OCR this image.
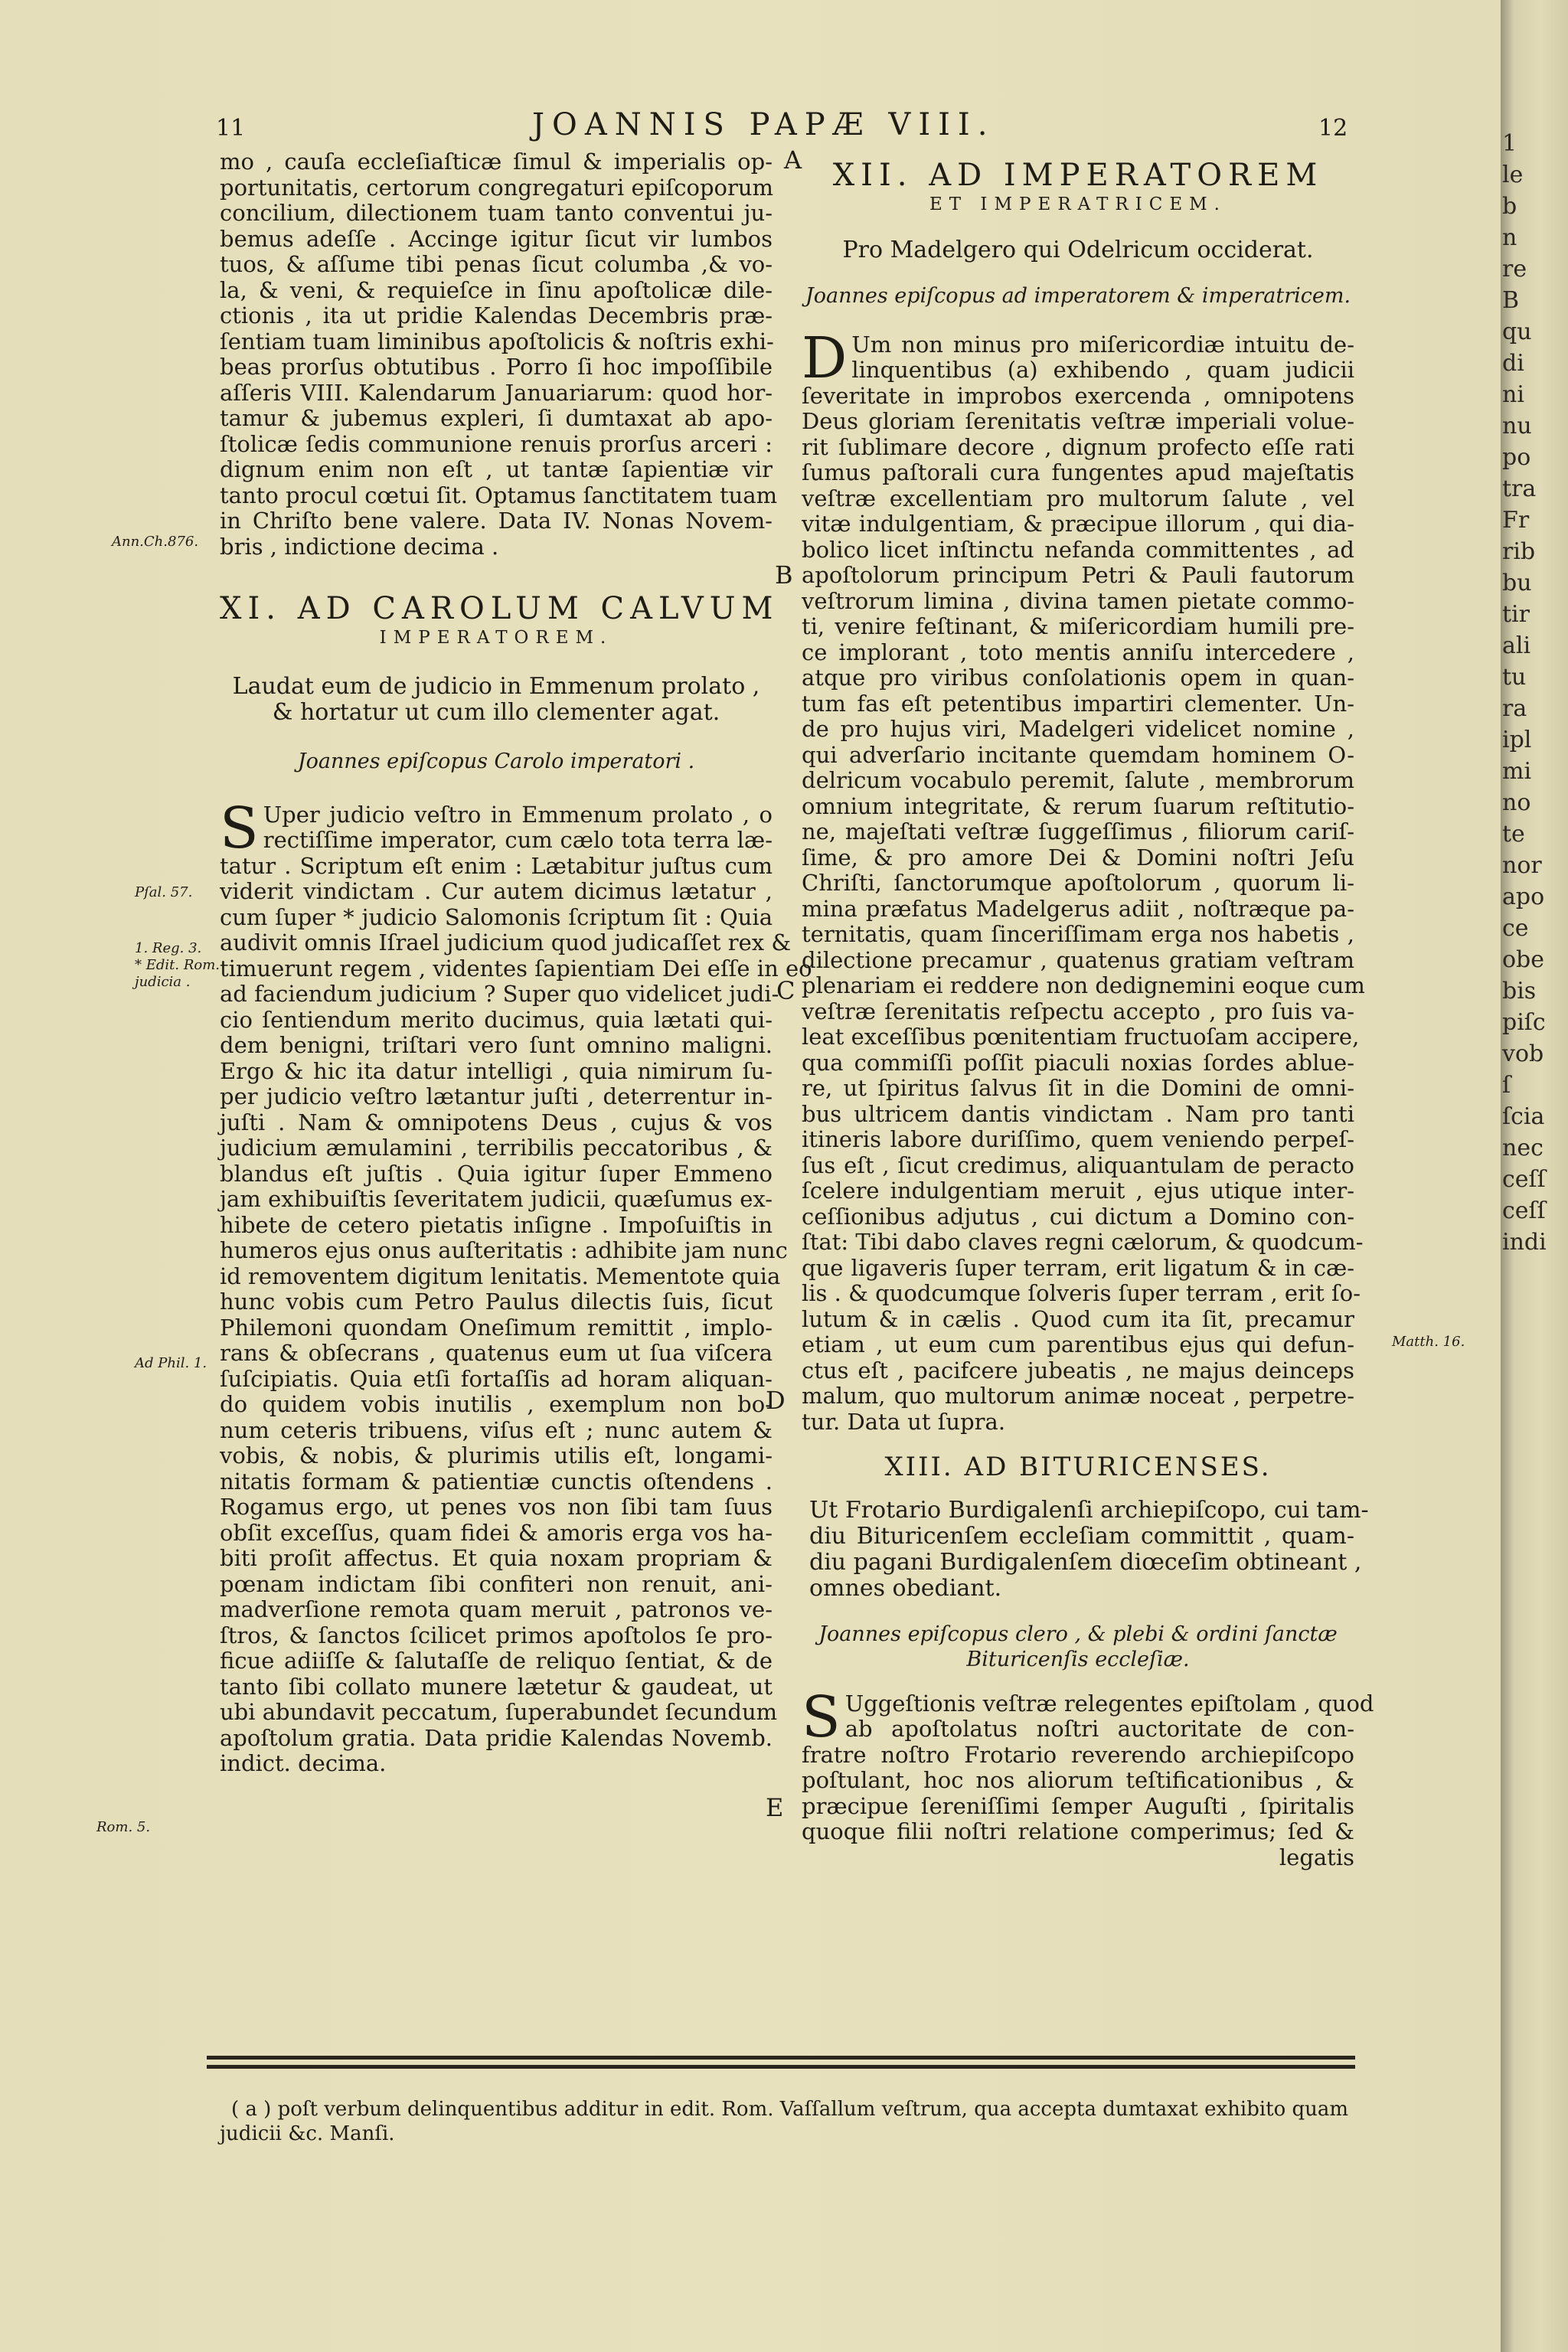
11	JOANNIS PAPÆ VIII.	12
mo , cauſa eccleſiaſticæ ſimul & imperialis op-
portunitatis, certorum congregaturi epiſcoporum
concilium, dilectionem tuam tanto conventui ju-
bemus adeſſe . Accinge igitur ſicut vir lumbos
tuos, & aſſume tibi penas ſicut columba ,& vo-
la, & veni, & requieſce in ſinu apoſtolicæ dile-
ctionis , ita ut pridie Kalendas Decembris præ-
ſentiam tuam liminibus apoſtolicis & noſtris exhi-
beas prorſus obtutibus . Porro ſi hoc impoſſibile
aſſeris VIII. Kalendarum Januariarum: quod hor-
tamur & jubemus expleri, ſi dumtaxat ab apo-
ſtolicæ ſedis communione renuis prorſus arceri :
dignum enim non eſt , ut tantæ ſapientiæ vir
tanto procul cœtui ſit. Optamus ſanctitatem tuam
in Chriſto bene valere. Data IV. Nonas Novem-
bris , indictione decima .
XI. AD CAROLUM CALVUM
IMPERATOREM.
Laudat eum de judicio in Emmenum prolato ,
& hortatur ut cum illo clementer agat.
Joannes epiſcopus Carolo imperatori .
S Uper judicio veſtro in Emmenum prolato , o
rectiſſime imperator, cum cælo tota terra læ-
tatur . Scriptum eſt enim : Lætabitur juſtus cum
viderit vindictam . Cur autem dicimus lætatur ,
cum ſuper * judicio Salomonis ſcriptum ſit : Quia
audivit omnis Iſrael judicium quod judicaſſet rex &
timuerunt regem , videntes ſapientiam Dei eſſe in eo
ad faciendum judicium ? Super quo videlicet judi-
cio ſentiendum merito ducimus, quia lætati qui-
dem benigni, triſtari vero ſunt omnino maligni.
Ergo & hic ita datur intelligi , quia nimirum ſu-
per judicio veſtro lætantur juſti , deterrentur in-
juſti . Nam & omnipotens Deus , cujus & vos
judicium æmulamini , terribilis peccatoribus , &
blandus eſt juſtis . Quia igitur ſuper Emmeno
jam exhibuiſtis ſeveritatem judicii, quæſumus ex-
hibete de cetero pietatis inſigne . Impoſuiſtis in
humeros ejus onus auſteritatis : adhibite jam nunc
id removentem digitum lenitatis. Mementote quia
hunc vobis cum Petro Paulus dilectis ſuis, ſicut
Philemoni quondam Oneſimum remittit , implo-
rans & obſecrans , quatenus eum ut ſua viſcera
ſuſcipiatis. Quia etſi fortaſſis ad horam aliquan-
do quidem vobis inutilis , exemplum non bo-
num ceteris tribuens, viſus eſt ; nunc autem &
vobis, & nobis, & plurimis utilis eſt, longami-
nitatis formam & patientiæ cunctis oſtendens .
Rogamus ergo, ut penes vos non ſibi tam ſuus
obſit exceſſus, quam fidei & amoris erga vos ha-
biti proſit affectus. Et quia noxam propriam &
pœnam indictam ſibi confiteri non renuit, ani-
madverſione remota quam meruit , patronos ve-
ſtros, & ſanctos ſcilicet primos apoſtolos ſe pro-
ficue adiiſſe & ſalutaſſe de reliquo ſentiat, & de
tanto ſibi collato munere lætetur & gaudeat, ut
ubi abundavit peccatum, ſuperabundet ſecundum
apoſtolum gratia. Data pridie Kalendas Novemb.
indict. decima.
Ann.Ch.876.
Pſal. 57.
1. Reg. 3.
* Edit. Rom.
judicia .
Ad Phil. 1.
Rom. 5.
A
B
C
D
E
XII. AD IMPERATOREM
ET IMPERATRICEM.
Pro Madelgero qui Odelricum occiderat.
Joannes epiſcopus ad imperatorem & imperatricem.
D Um non minus pro miſericordiæ intuitu de-
linquentibus (a) exhibendo , quam judicii
ſeveritate in improbos exercenda , omnipotens
Deus gloriam ſerenitatis veſtræ imperiali volue-
rit ſublimare decore , dignum profecto eſſe rati
ſumus paſtorali cura fungentes apud majeſtatis
veſtræ excellentiam pro multorum ſalute , vel
vitæ indulgentiam, & præcipue illorum , qui dia-
bolico licet inſtinctu nefanda committentes , ad
apoſtolorum principum Petri & Pauli fautorum
veſtrorum limina , divina tamen pietate commo-
ti, venire feſtinant, & miſericordiam humili pre-
ce implorant , toto mentis anniſu intercedere ,
atque pro viribus conſolationis opem in quan-
tum fas eſt petentibus impartiri clementer. Un-
de pro hujus viri, Madelgeri videlicet nomine ,
qui adverſario incitante quemdam hominem O-
delricum vocabulo peremit, ſalute , membrorum
omnium integritate, & rerum ſuarum reſtitutio-
ne, majeſtati veſtræ ſuggeſſimus , filiorum cariſ-
ſime, & pro amore Dei & Domini noſtri Jeſu
Chriſti, ſanctorumque apoſtolorum , quorum li-
mina præfatus Madelgerus adiit , noſtræque pa-
ternitatis, quam ſinceriſſimam erga nos habetis ,
dilectione precamur , quatenus gratiam veſtram
plenariam ei reddere non dedignemini eoque cum
veſtræ ſerenitatis reſpectu accepto , pro ſuis va-
leat exceſſibus pœnitentiam fructuoſam accipere,
qua commiſſi poſſit piaculi noxias ſordes ablue-
re, ut ſpiritus ſalvus ſit in die Domini de omni-
bus ultricem dantis vindictam . Nam pro tanti
itineris labore duriſſimo, quem veniendo perpeſ-
ſus eſt , ſicut credimus, aliquantulam de peracto
ſcelere indulgentiam meruit , ejus utique inter-
ceſſionibus adjutus , cui dictum a Domino con-
ſtat: Tibi dabo claves regni cælorum, & quodcum-
que ligaveris ſuper terram, erit ligatum & in cæ-
lis . & quodcumque ſolveris ſuper terram , erit ſo-
lutum & in cælis . Quod cum ita ſit, precamur
etiam , ut eum cum parentibus ejus qui defun-
ctus eſt , pacifcere jubeatis , ne majus deinceps
malum, quo multorum animæ noceat , perpetre-
tur. Data ut ſupra.
XIII. AD BITURICENSES.
Ut Frotario Burdigalenſi archiepiſcopo, cui tam-
diu Bituricenſem eccleſiam committit , quam-
diu pagani Burdigalenſem diœceſim obtineant ,
omnes obediant.
Joannes epiſcopus clero , & plebi & ordini ſanctæ
Bituricenſis eccleſiæ.
S Uggeſtionis veſtræ relegentes epiſtolam , quod
ab apoſtolatus noſtri auctoritate de con-
fratre noſtro Frotario reverendo archiepiſcopo
poſtulant, hoc nos aliorum teſtificationibus , &
præcipue ſereniſſimi ſemper Auguſti , ſpiritalis
quoque filii noſtri relatione comperimus; ſed &
legatis
Matth. 16.
( a ) poſt verbum delinquentibus additur in edit. Rom. Vaſſallum veſtrum, qua accepta dumtaxat exhibito quam
judicii &c. Manſi.
1
le
b
n
re
B
qu
di
ni
nu
po
tra
Fr
rib
bu
tir
ali
tu
ra
ipl
mi
no
te
nor
apo
ce
obe
bis
piſc
vob
ſ
ſcia
nec
ceſſ
ceſſ
indi
